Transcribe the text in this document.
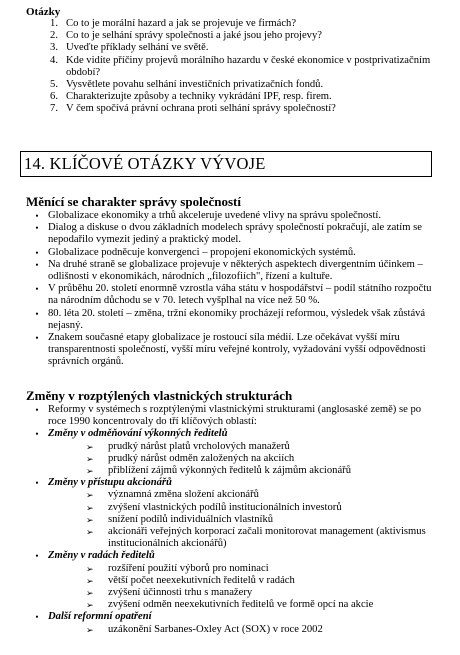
Otázky
1. Co to je morální hazard a jak se projevuje ve firmách?
2. Co to je selhání správy společnosti a jaké jsou jeho projevy?
3. Uveďte příklady selhání ve světě.
4. Kde vidíte příčiny projevů morálního hazardu v české ekonomice v postprivatizačním období?
5. Vysvětlete povahu selhání investičních privatizačních fondů.
6. Charakterizujte způsoby a techniky vykrádání IPF, resp. firem.
7. V čem spočívá právní ochrana proti selhání správy společností?
14. KLÍČOVÉ OTÁZKY VÝVOJE
Měnící se charakter správy společností
• Globalizace ekonomiky a trhů akceleruje uvedené vlivy na správu společností.
• Dialog a diskuse o dvou základních modelech správy společností pokračují, ale zatím se nepodařilo vymezit jediný a praktický model.
• Globalizace podněcuje konvergenci – propojení ekonomických systémů.
• Na druhé straně se globalizace projevuje v některých aspektech divergentním účinkem – odlišnosti v ekonomikách, národních „filozofiích", řízení a kultuře.
• V průběhu 20. století enormně vzrostla váha státu v hospodářství – podíl státního rozpočtu na národním důchodu se v 70. letech vyšplhal na více než 50 %.
• 80. léta 20. století – změna, tržní ekonomiky procházejí reformou, výsledek však zůstává nejasný.
• Znakem současné etapy globalizace je rostoucí síla médií. Lze očekávat vyšší míru transparentnosti společností, vyšší míru veřejné kontroly, vyžadování vyšší odpovědnosti správních orgánů.
Změny v rozptýlených vlastnických strukturách
• Reformy v systémech s rozptýlenými vlastnickými strukturami (anglosaské země) se po roce 1990 koncentrovaly do tří klíčových oblastí:
• Změny v odměňování výkonných ředitelů
➢	prudký nárůst platů vrcholových manažerů
➢	prudký nárůst odměn založených na akciích
➢	přiblížení zájmů výkonných ředitelů k zájmům akcionářů
• Změny v přístupu akcionářů
➢	významná změna složení akcionářů
➢	zvýšení vlastnických podílů institucionálních investorů
➢	snížení podílů individuálních vlastníků
➢	akcionáři veřejných korporací začali monitorovat management (aktivismus institucionálních akcionářů)
• Změny v radách ředitelů
➢	rozšíření použití výborů pro nominaci
➢	větší počet neexekutivních ředitelů v radách
➢	zvýšení účinnosti trhu s manažery
➢	zvýšení odměn neexekutivních ředitelů ve formě opcí na akcie
• Další reformní opatření
➢	uzákonění Sarbanes-Oxley Act (SOX) v roce 2002
